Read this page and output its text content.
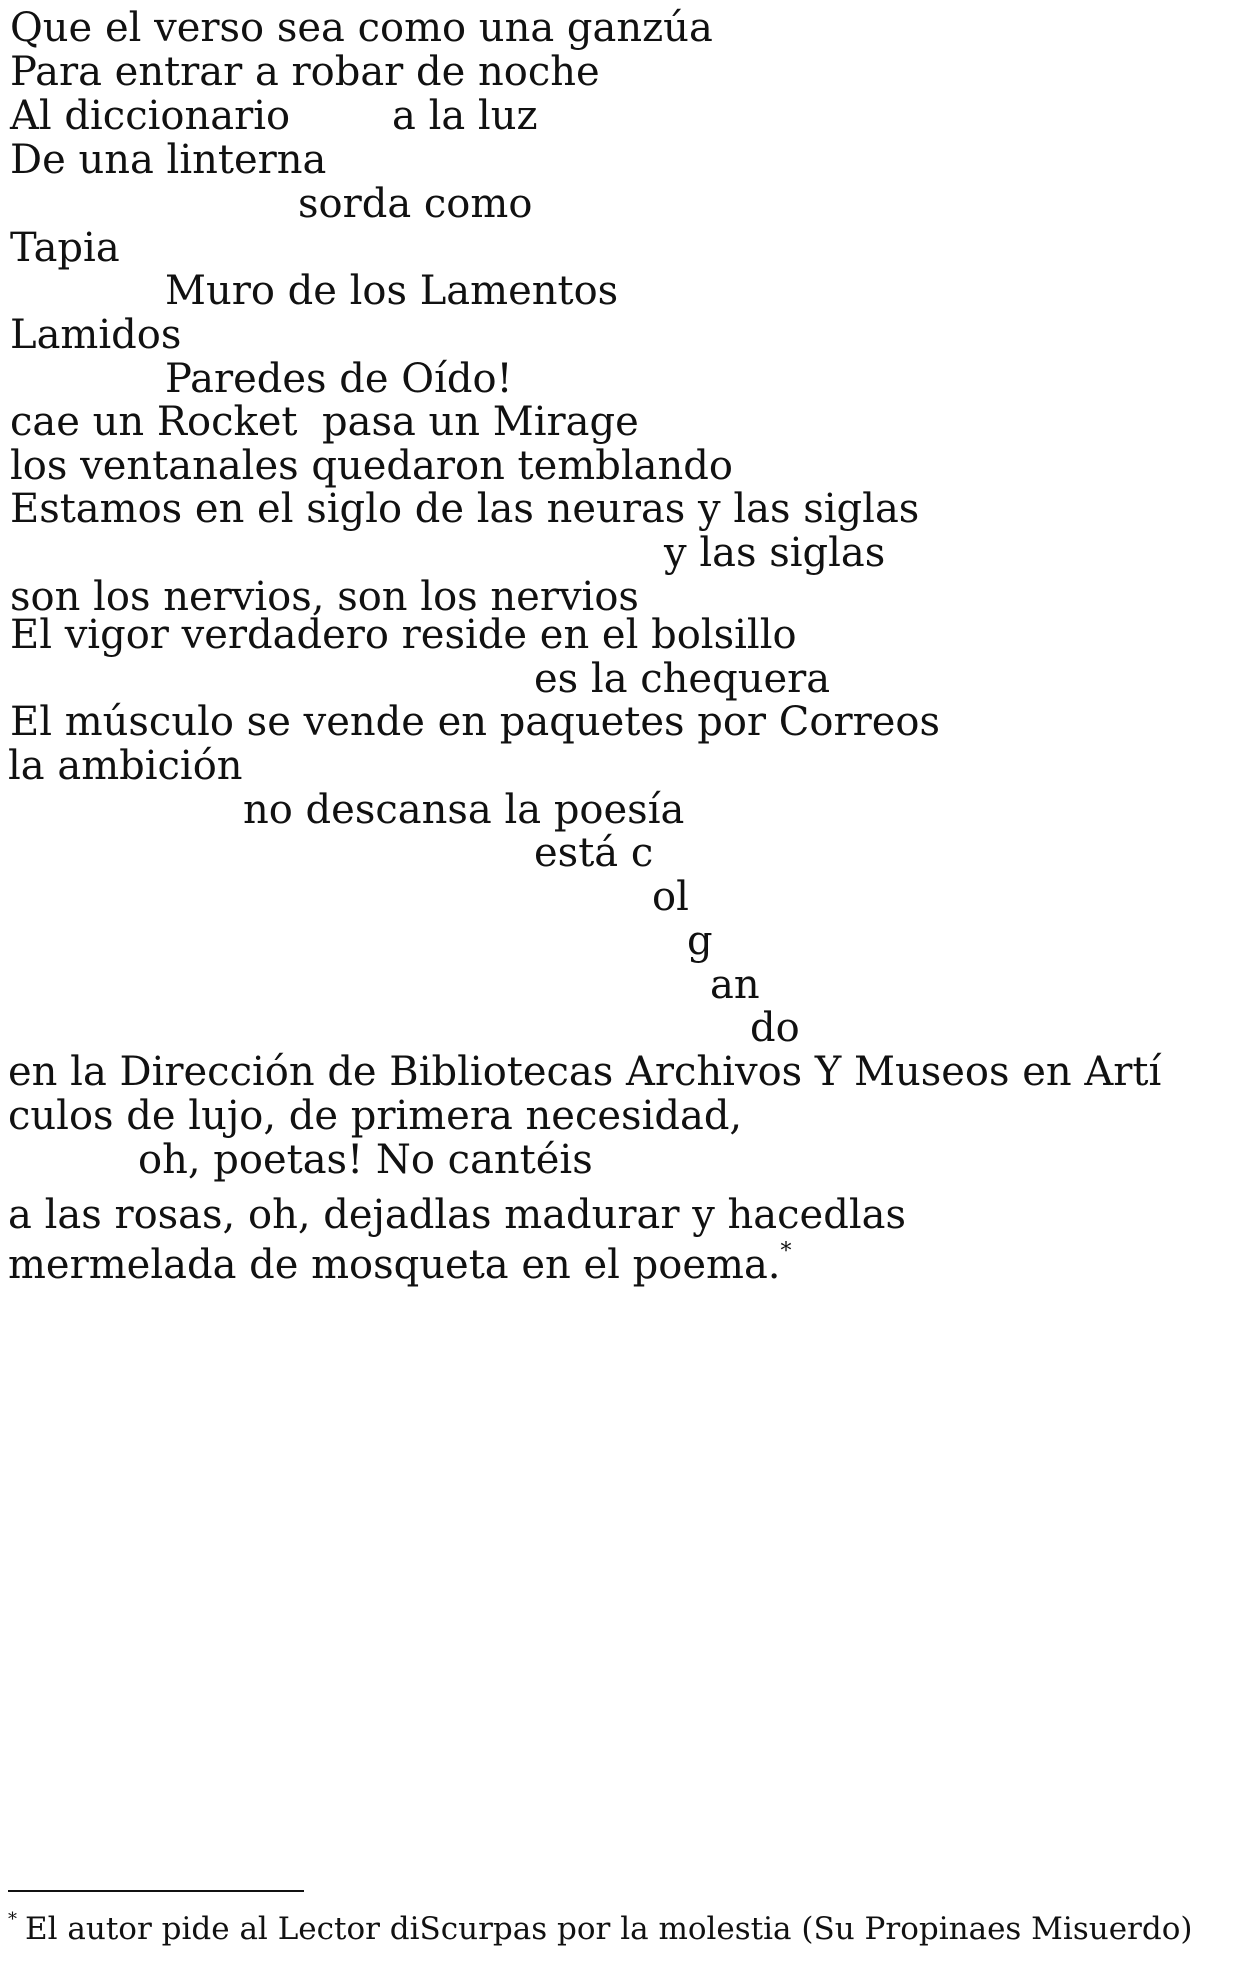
Que el verso sea como una ganzúa
Para entrar a robar de noche
Al diccionario	a la luz
De una linterna
sorda como
Tapia
Muro de los Lamentos
Lamidos
Paredes de Oído!
cae un Rocket pasa un Mirage
los ventanales quedaron temblando
Estamos en el siglo de las neuras y las siglas
y las siglas
son los nervios, son los nervios
El vigor verdadero reside en el bolsillo
es la chequera
El músculo se vende en paquetes por Correos
la ambición
no descansa la poesía
está c
ol
g
an
do
en la Dirección de Bibliotecas Archivos Y Museos en Artí
culos de lujo, de primera necesidad,
oh, poetas! No cantéis
a las rosas, oh, dejadlas madurar y hacedlas
mermelada de mosqueta en el poema.*
* El autor pide al Lector diScurpas por la molestia (Su Propinaes Misuerdo)
